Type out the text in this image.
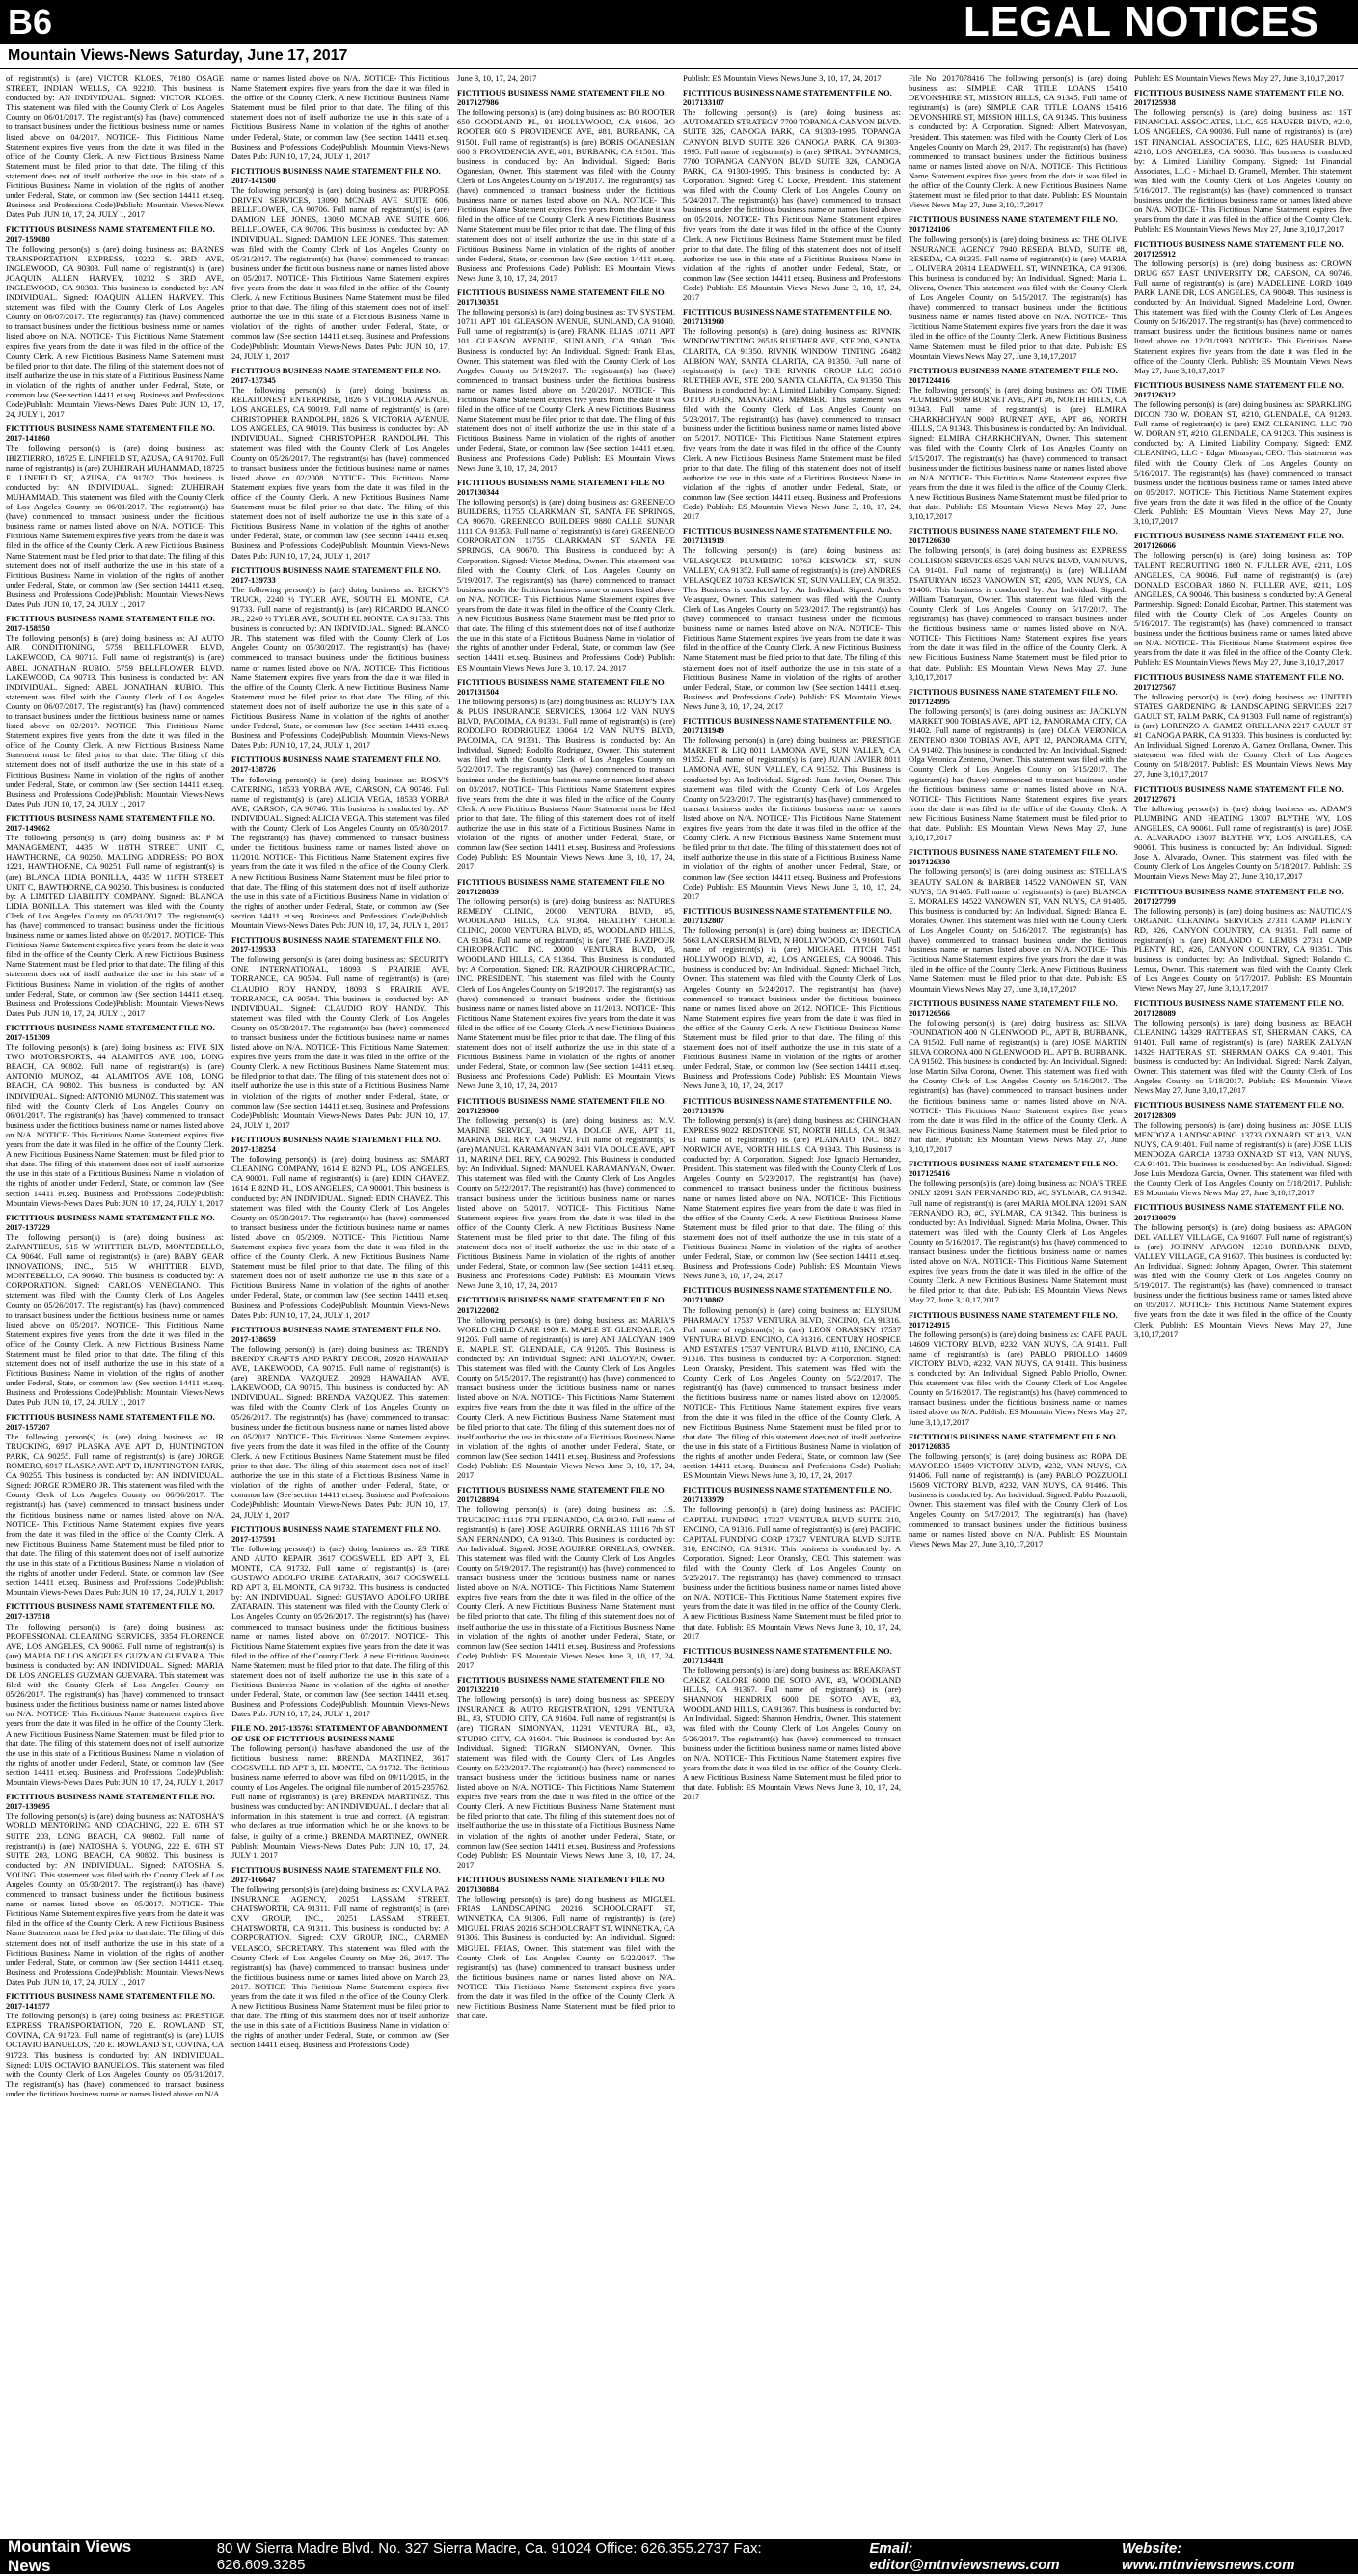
B6	LEGAL NOTICES
Mountain Views-News Saturday, June 17, 2017
of registrant(s) is (are) VICTOR KLOES, 76180 OSAGE STREET, INDIAN WELLS, CA 92210. This business is conducted by: AN INDIVIDUAL. Signed: VICTOR KLOES. This statement was filed with the County Clerk of Los Angeles County on 06/01/2017. The registrant(s) has (have) commenced to transact business under the fictitious business name or names listed above on 04/2017. NOTICE- This Fictitious Name Statement expires five years from the date it was filed in the office of the County Clerk. A new Fictitious Business Name Statement must be filed prior to that date. The filing of this statement does not of itself authorize the use in this state of a Fictitious Business Name in violation of the rights of another under Federal, State, or common law (See section 14411 et.seq. Business and Professions Code)Publish: Mountain Views-News Dates Pub: JUN 10, 17, 24, JULY 1, 2017
FICTITIOUS BUSINESS NAME STATEMENT FILE NO. 2017-159080
The following person(s) is (are) doing business as: BARNES TRANSPORTATION EXPRESS, 10232 S. 3RD AVE, INGLEWOOD, CA 90303. Full name of registrant(s) is (are) JOAQUIN ALLEN HARVEY, 10232 S 3RD AVE, INGLEWOOD, CA 90303. This business is conducted by: AN INDIVIDUAL. Signed: JOAQUIN ALLEN HARVEY. This statement was filed with the County Clerk of Los Angeles County on 06/07/2017. The registrant(s) has (have) commenced to transact business under the fictitious business name or names listed above on N/A. NOTICE- This Fictitious Name Statement expires five years from the date it was filed in the office of the County Clerk. A new Fictitious Business Name Statement must be filed prior to that date. The filing of this statement does not of itself authorize the use in this state of a Fictitious Business Name in violation of the rights of another under Federal, State, or common law (See section 14411 et.seq. Business and Professions Code)Publish: Mountain Views-News Dates Pub: JUN 10, 17, 24, JULY 1, 2017
FICTITIOUS BUSINESS NAME STATEMENT FILE NO. 2017-141860
The following person(s) is (are) doing business as: IBIZTIERRO, 18725 E. LINFIELD ST, AZUSA, CA 91702. Full name of registrant(s) is (are) ZUHEIRAH MUHAMMAD, 18725 E. LINFIELD ST, AZUSA, CA 91702. This business is conducted by: AN INDIVIDUAL. Signed: ZUHEIRAH MUHAMMAD. This statement was filed with the County Clerk of Los Angeles County on 06/01/2017. The registrant(s) has (have) commenced to transact business under the fictitious business name or names listed above on N/A. NOTICE- This Fictitious Name Statement expires five years from the date it was filed in the office of the County Clerk. A new Fictitious Business Name Statement must be filed prior to that date. The filing of this statement does not of itself authorize the use in this state of a Fictitious Business Name in violation of the rights of another under Federal, State, or common law (See section 14411 et.seq. Business and Professions Code)Publish: Mountain Views-News Dates Pub: JUN 10, 17, 24, JULY 1, 2017
FICTITIOUS BUSINESS NAME STATEMENT FILE NO. 2017-158550
The following person(s) is (are) doing business as: AJ AUTO AIR CONDITIONING, 5759 BELLFLOWER BLVD, LAKEWOOD, CA 90713. Full name of registrant(s) is (are) ABEL JONATHAN RUBIO, 5759 BELLFLOWER BLVD, LAKEWOOD, CA 90713. This business is conducted by: AN INDIVIDUAL. Signed: ABEL JONATHAN RUBIO. This statement was filed with the County Clerk of Los Angeles County on 06/07/2017. The registrant(s) has (have) commenced to transact business under the fictitious business name or names listed above on 02/2017. NOTICE- This Fictitious Name Statement expires five years from the date it was filed in the office of the County Clerk. A new Fictitious Business Name Statement must be filed prior to that date. The filing of this statement does not of itself authorize the use in this state of a Fictitious Business Name in violation of the rights of another under Federal, State, or common law (See section 14411 et.seq. Business and Professions Code)Publish: Mountain Views-News Dates Pub: JUN 10, 17, 24, JULY 1, 2017
FICTITIOUS BUSINESS NAME STATEMENT FILE NO. 2017-149062
The following person(s) is (are) doing business as: P M MANAGEMENT, 4435 W 118TH STREET UNIT C, HAWTHORNE, CA 90250. MAILING ADDRESS: PO BOX 1221, HAWTHORNE, CA 90251. Full name of registrant(s) is (are) BLANCA LIDIA BONILLA, 4435 W 118TH STREET UNIT C, HAWTHORNE, CA 90250. This business is conducted by: A LIMITED LIABILITY COMPANY. Signed: BLANCA LIDIA BONILLA. This statement was filed with the County Clerk of Los Angeles County on 05/31/2017. The registrant(s) has (have) commenced to transact business under the fictitious business name or names listed above on 05/2017. NOTICE- This Fictitious Name Statement expires five years from the date it was filed in the office of the County Clerk. A new Fictitious Business Name Statement must be filed prior to that date. The filing of this statement does not of itself authorize the use in this state of a Fictitious Business Name in violation of the rights of another under Federal, State, or common law (See section 14411 et.seq. Business and Professions Code)Publish: Mountain Views-News Dates Pub: JUN 10, 17, 24, JULY 1, 2017
FICTITIOUS BUSINESS NAME STATEMENT FILE NO. 2017-151309
The following person(s) is (are) doing business as: FIVE SIX TWO MOTORSPORTS, 44 ALAMITOS AVE 108, LONG BEACH, CA 90802. Full name of registrant(s) is (are) ANTONIO MUNOZ, 44 ALAMITOS AVE 108, LONG BEACH, CA 90802. This business is conducted by: AN INDIVIDUAL. Signed: ANTONIO MUNOZ. This statement was filed with the County Clerk of Los Angeles County on 06/01/2017. The registrant(s) has (have) commenced to transact business under the fictitious business name or names listed above on N/A. NOTICE- This Fictitious Name Statement expires five years from the date it was filed in the office of the County Clerk. A new Fictitious Business Name Statement must be filed prior to that date. The filing of this statement does not of itself authorize the use in this state of a Fictitious Business Name in violation of the rights of another under Federal, State, or common law (See section 14411 et.seq. Business and Professions Code)Publish: Mountain Views-News Dates Pub: JUN 10, 17, 24, JULY 1, 2017
FICTITIOUS BUSINESS NAME STATEMENT FILE NO. 2017-137229
The following person(s) is (are) doing business as: ZAPANTHEUS, 515 W WHITTIER BLVD, MONTEBELLO, CA 90640. Full name of registrant(s) is (are) BABY GEAR INNOVATIONS, INC., 515 W WHITTIER BLVD, MONTEBELLO, CA 90640. This business is conducted by: A CORPORATION. Signed: CARLOS VENEGIANO. This statement was filed with the County Clerk of Los Angeles County on 05/26/2017. The registrant(s) has (have) commenced to transact business under the fictitious business name or names listed above on 05/2017. NOTICE- This Fictitious Name Statement expires five years from the date it was filed in the office of the County Clerk. A new Fictitious Business Name Statement must be filed prior to that date. The filing of this statement does not of itself authorize the use in this state of a Fictitious Business Name in violation of the rights of another under Federal, State, or common law (See section 14411 et.seq. Business and Professions Code)Publish: Mountain Views-News Dates Pub: JUN 10, 17, 24, JULY 1, 2017
FICTITIOUS BUSINESS NAME STATEMENT FILE NO. 2017-157207
The following person(s) is (are) doing business as: JR TRUCKING, 6917 PLASKA AVE APT D, HUNTINGTON PARK, CA 90255. Full name of registrant(s) is (are) JORGE ROMERO, 6917 PLASKA AVE APT D, HUNTINGTON PARK, CA 90255. This business is conducted by: AN INDIVIDUAL. Signed: JORGE ROMERO JR. This statement was filed with the County Clerk of Los Angeles County on 06/06/2017. The registrant(s) has (have) commenced to transact business under the fictitious business name or names listed above on N/A. NOTICE- This Fictitious Name Statement expires five years from the date it was filed in the office of the County Clerk. A new Fictitious Business Name Statement must be filed prior to that date. The filing of this statement does not of itself authorize the use in this state of a Fictitious Business Name in violation of the rights of another under Federal, State, or common law (See section 14411 et.seq. Business and Professions Code)Publish: Mountain Views-News Dates Pub: JUN 10, 17, 24, JULY 1, 2017
FICTITIOUS BUSINESS NAME STATEMENT FILE NO. 2017-137518
The following person(s) is (are) doing business as: PROFESSIONAL CLEANING SERVICES, 3354 FLORENCE AVE, LOS ANGELES, CA 90063. Full name of registrant(s) is (are) MARIA DE LOS ANGELES GUZMAN GUEVARA. This business is conducted by: AN INDIVIDUAL. Signed: MARIA DE LOS ANGELES GUZMAN GUEVARA. This statement was filed with the County Clerk of Los Angeles County on 05/26/2017. The registrant(s) has (have) commenced to transact business under the fictitious business name or names listed above on N/A. NOTICE- This Fictitious Name Statement expires five years from the date it was filed in the office of the County Clerk. A new Fictitious Business Name Statement must be filed prior to that date. The filing of this statement does not of itself authorize the use in this state of a Fictitious Business Name in violation of the rights of another under Federal, State, or common law (See section 14411 et.seq. Business and Professions Code)Publish: Mountain Views-News Dates Pub: JUN 10, 17, 24, JULY 1, 2017
FICTITIOUS BUSINESS NAME STATEMENT FILE NO. 2017-139695
The following person(s) is (are) doing business as: NATOSHA'S WORLD MENTORING AND COACHING, 222 E. 6TH ST SUITE 203, LONG BEACH, CA 90802. Full name of registrant(s) is (are) NATOSHA S. YOUNG, 222 E. 6TH ST SUITE 203, LONG BEACH, CA 90802. This business is conducted by: AN INDIVIDUAL. Signed: NATOSHA S. YOUNG. This statement was filed with the County Clerk of Los Angeles County on 05/30/2017. The registrant(s) has (have) commenced to transact business under the fictitious business name or names listed above on 05/2017. NOTICE- This Fictitious Name Statement expires five years from the date it was filed in the office of the County Clerk. A new Fictitious Business Name Statement must be filed prior to that date. The filing of this statement does not of itself authorize the use in this state of a Fictitious Business Name in violation of the rights of another under Federal, State, or common law (See section 14411 et.seq. Business and Professions Code)Publish: Mountain Views-News Dates Pub: JUN 10, 17, 24, JULY 1, 2017
FICTITIOUS BUSINESS NAME STATEMENT FILE NO. 2017-141577
The following person(s) is (are) doing business as: PRESTIGE EXPRESS TRANSPORTATION, 720 E. ROWLAND ST, COVINA, CA 91723. Full name of registrant(s) is (are) LUIS OCTAVIO BANUELOS, 720 E. ROWLAND ST, COVINA, CA 91723. This business is conducted by: AN INDIVIDUAL. Signed: LUIS OCTAVIO BANUELOS. This statement was filed with the County Clerk of Los Angeles County on 05/31/2017. The registrant(s) has (have) commenced to transact business under the fictitious business name or names listed above on N/A.
name or names listed above on N/A. NOTICE- This Fictitious Name Statement expires five years from the date it was filed in the office of the County Clerk. A new Fictitious Business Name Statement must be filed prior to that date. The filing of this statement does not of itself authorize the use in this state of a Fictitious Business Name in violation of the rights of another under Federal, State, or common law (See section 14411 et.seq. Business and Professions Code)Publish: Mountain Views-News Dates Pub: JUN 10, 17, 24, JULY 1, 2017
FICTITIOUS BUSINESS NAME STATEMENT FILE NO. 2017-141500
The following person(s) is (are) doing business as: PURPOSE DRIVEN SERVICES, 13090 MCNAB AVE SUITE 606, BELLFLOWER, CA 90706. Full name of registrant(s) is (are) DAMION LEE JONES, 13090 MCNAB AVE SUITE 606, BELLFLOWER, CA 90706. This business is conducted by: AN INDIVIDUAL. Signed: DAMION LEE JONES. This statement was filed with the County Clerk of Los Angeles County on 05/31/2017. The registrant(s) has (have) commenced to transact business under the fictitious business name or names listed above on 05/2017. NOTICE- This Fictitious Name Statement expires five years from the date it was filed in the office of the County Clerk. A new Fictitious Business Name Statement must be filed prior to that date. The filing of this statement does not of itself authorize the use in this state of a Fictitious Business Name in violation of the rights of another under Federal, State, or common law (See section 14411 et.seq. Business and Professions Code)Publish: Mountain Views-News Dates Pub: JUN 10, 17, 24, JULY 1, 2017
FICTITIOUS BUSINESS NAME STATEMENT FILE NO. 2017-137345
The following person(s) is (are) doing business as: RELATIONEST ENTERPRISE, 1826 S VICTORIA AVENUE, LOS ANGELES, CA 90019. Full name of registrant(s) is (are) CHRISTOPHER RANDOLPH, 1826 S. VICTORIA AVENUE, LOS ANGELES, CA 90019. This business is conducted by: AN INDIVIDUAL. Signed: CHRISTOPHER RANDOLPH. This statement was filed with the County Clerk of Los Angeles County on 05/26/2017. The registrant(s) has (have) commenced to transact business under the fictitious business name or names listed above on 02/2008. NOTICE- This Fictitious Name Statement expires five years from the date it was filed in the office of the County Clerk. A new Fictitious Business Name Statement must be filed prior to that date. The filing of this statement does not of itself authorize the use in this state of a Fictitious Business Name in violation of the rights of another under Federal, State, or common law (See section 14411 et.seq. Business and Professions Code)Publish: Mountain Views-News Dates Pub: JUN 10, 17, 24, JULY 1, 2017
FICTITIOUS BUSINESS NAME STATEMENT FILE NO. 2017-139733
The following person(s) is (are) doing business as: RICKY'S TRUCK, 2240 ½ TYLER AVE, SOUTH EL MONTE, CA 91733. Full name of registrant(s) is (are) RICARDO BLANCO JR., 2240 ½ TYLER AVE, SOUTH EL MONTE, CA 91733. This business is conducted by: AN INDIVIDUAL. Signed: BLANCO JR. This statement was filed with the County Clerk of Los Angeles County on 05/30/2017. The registrant(s) has (have) commenced to transact business under the fictitious business name or names listed above on N/A. NOTICE- This Fictitious Name Statement expires five years from the date it was filed in the office of the County Clerk. A new Fictitious Business Name Statement must be filed prior to that date. The filing of this statement does not of itself authorize the use in this state of a Fictitious Business Name in violation of the rights of another under Federal, State, or common law (See section 14411 et.seq. Business and Professions Code)Publish: Mountain Views-News Dates Pub: JUN 10, 17, 24, JULY 1, 2017
FICTITIOUS BUSINESS NAME STATEMENT FILE NO. 2017-138726
The following person(s) is (are) doing business as: ROSY'S CATERING, 18533 YORBA AVE, CARSON, CA 90746. Full name of registrant(s) is (are) ALICIA VEGA, 18533 YORBA AVE, CARSON, CA 90746. This business is conducted by: AN INDIVIDUAL. Signed: ALICIA VEGA. This statement was filed with the County Clerk of Los Angeles County on 05/30/2017. The registrant(s) has (have) commenced to transact business under the fictitious business name or names listed above on 11/2010. NOTICE- This Fictitious Name Statement expires five years from the date it was filed in the office of the County Clerk. A new Fictitious Business Name Statement must be filed prior to that date. The filing of this statement does not of itself authorize the use in this state of a Fictitious Business Name in violation of the rights of another under Federal, State, or common law (See section 14411 et.seq. Business and Professions Code)Publish: Mountain Views-News Dates Pub: JUN 10, 17, 24, JULY 1, 2017
FICTITIOUS BUSINESS NAME STATEMENT FILE NO. 2017-139533
The following person(s) is (are) doing business as: SECURITY ONE INTERNATIONAL, 18093 S PRAIRIE AVE, TORRANCE, CA 90504. Full name of registrant(s) is (are) CLAUDIO ROY HANDY, 18093 S PRAIRIE AVE, TORRANCE, CA 90504. This business is conducted by: AN INDIVIDUAL. Signed: CLAUDIO ROY HANDY. This statement was filed with the County Clerk of Los Angeles County on 05/30/2017. The registrant(s) has (have) commenced to transact business under the fictitious business name or names listed above on N/A. NOTICE- This Fictitious Name Statement expires five years from the date it was filed in the office of the County Clerk. A new Fictitious Business Name Statement must be filed prior to that date. The filing of this statement does not of itself authorize the use in this state of a Fictitious Business Name in violation of the rights of another under Federal, State, or common law (See section 14411 et.seq. Business and Professions Code)Publish: Mountain Views-News Dates Pub: JUN 10, 17, 24, JULY 1, 2017
FICTITIOUS BUSINESS NAME STATEMENT FILE NO. 2017-138254
The following person(s) is (are) doing business as: SMART CLEANING COMPANY, 1614 E 82ND PL, LOS ANGELES, CA 90001. Full name of registrant(s) is (are) EDIN CHAVEZ, 1614 E 82ND PL, LOS ANGELES, CA 90001. This business is conducted by: AN INDIVIDUAL. Signed: EDIN CHAVEZ. This statement was filed with the County Clerk of Los Angeles County on 05/30/2017. The registrant(s) has (have) commenced to transact business under the fictitious business name or names listed above on 05/2009. NOTICE- This Fictitious Name Statement expires five years from the date it was filed in the office of the County Clerk. A new Fictitious Business Name Statement must be filed prior to that date. The filing of this statement does not of itself authorize the use in this state of a Fictitious Business Name in violation of the rights of another under Federal, State, or common law (See section 14411 et.seq. Business and Professions Code)Publish: Mountain Views-News Dates Pub: JUN 10, 17, 24, JULY 1, 2017
FICTITIOUS BUSINESS NAME STATEMENT FILE NO. 2017-138659
The following person(s) is (are) doing business as: TRENDY BRENDY CRAFTS AND PARTY DECOR, 20928 HAWAIIAN AVE, LAKEWOOD, CA 90715. Full name of registrant(s) is (are) BRENDA VAZQUEZ, 20928 HAWAIIAN AVE, LAKEWOOD, CA 90715. This business is conducted by: AN INDIVIDUAL. Signed: BRENDA VAZQUEZ. This statement was filed with the County Clerk of Los Angeles County on 05/26/2017. The registrant(s) has (have) commenced to transact business under the fictitious business name or names listed above on 05/2017. NOTICE- This Fictitious Name Statement expires five years from the date it was filed in the office of the County Clerk. A new Fictitious Business Name Statement must be filed prior to that date. The filing of this statement does not of itself authorize the use in this state of a Fictitious Business Name in violation of the rights of another under Federal, State, or common law (See section 14411 et.seq. Business and Professions Code)Publish: Mountain Views-News Dates Pub: JUN 10, 17, 24, JULY 1, 2017
FICTITIOUS BUSINESS NAME STATEMENT FILE NO. 2017-137591
The following person(s) is (are) doing business as: ZS TIRE AND AUTO REPAIR, 3617 COGSWELL RD APT 3, EL MONTE, CA 91732. Full name of registrant(s) is (are) GUSTAVO ADOLFO URIBE ZATARAIN, 3617 COGSWELL RD APT 3, EL MONTE, CA 91732. This business is conducted by: AN INDIVIDUAL. Signed: GUSTAVO ADOLFO URIBE ZATARAIN. This statement was filed with the County Clerk of Los Angeles County on 05/26/2017. The registrant(s) has (have) commenced to transact business under the fictitious business name or names listed above on 07/2017. NOTICE- This Fictitious Name Statement expires five years from the date it was filed in the office of the County Clerk. A new Fictitious Business Name Statement must be filed prior to that date. The filing of this statement does not of itself authorize the use in this state of a Fictitious Business Name in violation of the rights of another under Federal, State, or common law (See section 14411 et.seq. Business and Professions Code)Publish: Mountain Views-News Dates Pub: JUN 10, 17, 24, JULY 1, 2017
FILE NO. 2017-135761 STATEMENT OF ABANDONMENT OF USE OF FICTITIOUS BUSINESS NAME
The following person(s) has/have abandoned the use of the fictitious business name: BRENDA MARTINEZ, 3617 COGSWELL RD APT 3, EL MONTE, CA 91732. The fictitious business name referred to above was filed on 09/11/2015, in the county of Los Angeles. The original file number of 2015-235762. Full name of registrant(s) is (are) BRENDA MARTINEZ. This business was conducted by: AN INDIVIDUAL. I declare that all information in this statement is true and correct. (A registrant who declares as true information which he or she knows to be false, is guilty of a crime.) BRENDA MARTINEZ, OWNER. Publish: Mountain Views-News Dates Pub: JUN 10, 17, 24, JULY 1, 2017
FICTITIOUS BUSINESS NAME STATEMENT FILE NO. 2017-106647
The following person(s) is (are) doing business as: CXV LA PAZ INSURANCE AGENCY, 20251 LASSAM STREET, CHATSWORTH, CA 91311. Full name of registrant(s) is (are) CXV GROUP, INC., 20251 LASSAM STREET, CHATSWORTH, CA 91311. This business is conducted by: A CORPORATION. Signed: CXV GROUP, INC., CARMEN VELASCO, SECRETARY. This statement was filed with the County Clerk of Los Angeles County on May 26, 2017. The registrant(s) has (have) commenced to transact business under the fictitious business name or names listed above on March 23, 2017. NOTICE- This Fictitious Name Statement expires five years from the date it was filed in the office of the County Clerk. A new Fictitious Business Name Statement must be filed prior to that date. The filing of this statement does not of itself authorize the use in this state of a Fictitious Business Name in violation of the rights of another under Federal, State, or common law (See section 14411 et.seq. Business and Professions Code)
June 3, 10, 17, 24, 2017
FICTITIOUS BUSINESS NAME STATEMENT FILE NO. 2017127986
The following person(s) is (are) doing business as: BO ROOTER 650 GOODLAND PL, 91 HOLLYWOOD, CA 91606. BO ROOTER 600 S PROVIDENCE AVE, #81, BURBANK, CA 91501. Full name of registrant(s) is (are) BORIS OGANESIAN 600 S PROVIDENCIA AVE, #81, BURBANK, CA 91501. This business is conducted by: An Individual. Signed: Boris Oganesian, Owner. This statement was filed with the County Clerk of Los Angeles County on 5/19/2017. The registrant(s) has (have) commenced to transact business under the fictitious business name or names listed above on N/A. NOTICE- This Fictitious Name Statement expires five years from the date it was filed in the office of the County Clerk. A new Fictitious Business Name Statement must be filed prior to that date. The filing of this statement does not of itself authorize the use in this state of a Fictitious Business Name in violation of the rights of another under Federal, State, or common law (See section 14411 et.seq. Business and Professions Code) Publish: ES Mountain Views News June 3, 10, 17, 24, 2017
FICTITIOUS BUSINESS NAME STATEMENT FILE NO. 2017130351
The following person(s) is (are) doing business as: TV SYSTEM, 10711 APT 101 GLEASON AVENUE, SUNLAND, CA 91040. Full name of registrant(s) is (are) FRANK ELIAS 10711 APT 101 GLEASON AVENUE, SUNLAND, CA 91040. This Business is conducted by: An Individual. Signed: Frank Elias, Owner. This statement was filed with the County Clerk of Los Angeles County on 5/19/2017. The registrant(s) has (have) commenced to transact business under the fictitious business name or names listed above on 5/20/2017. NOTICE- This Fictitious Name Statement expires five years from the date it was filed in the office of the County Clerk. A new Fictitious Business Name Statement must be filed prior to that date. The filing of this statement does not of itself authorize the use in this state of a Fictitious Business Name in violation of the rights of another under Federal, State, or common law (See section 14411 et.seq. Business and Professions Code) Publish: ES Mountain Views News June 3, 10, 17, 24, 2017
FICTITIOUS BUSINESS NAME STATEMENT FILE NO. 2017130344
The following person(s) is (are) doing business as: GREENECO BUILDERS, 11755 CLARKMAN ST, SANTA FE SPRINGS, CA 90670. GREENECO BUILDERS 9880 CALLE SUNAR 1111 CA 91353. Full name of registrant(s) is (are) GREENECO CORPORATION 11755 CLARKMAN ST SANTA FE SPRINGS, CA 90670. This Business is conducted by: A Corporation. Signed: Victor Medina, Owner. This statement was filed with the County Clerk of Los Angeles County on 5/19/2017. The registrant(s) has (have) commenced to transact business under the fictitious business name or names listed above on N/A. NOTICE- This Fictitious Name Statement expires five years from the date it was filed in the office of the County Clerk. A new Fictitious Business Name Statement must be filed prior to that date. The filing of this statement does not of itself authorize the use in this state of a Fictitious Business Name in violation of the rights of another under Federal, State, or common law (See section 14411 et.seq. Business and Professions Code) Publish: ES Mountain Views News June 3, 10, 17, 24, 2017
FICTITIOUS BUSINESS NAME STATEMENT FILE NO. 2017131504
The following person(s) is (are) doing business as: RUDY'S TAX & PLUS INSURANCE SERVICES, 13064 1/2 VAN NUYS BLVD, PACOIMA, CA 91331. Full name of registrant(s) is (are) RODOLFO RODRIGUEZ 13064 1/2 VAN NUYS BLVD, PACOIMA, CA 91331. This Business is conducted by: An Individual. Signed: Rodolfo Rodriguez, Owner. This statement was filed with the County Clerk of Los Angeles County on 5/22/2017. The registrant(s) has (have) commenced to transact business under the fictitious business name or names listed above on 03/2017. NOTICE- This Fictitious Name Statement expires five years from the date it was filed in the office of the County Clerk. A new Fictitious Business Name Statement must be filed prior to that date. The filing of this statement does not of itself authorize the use in this state of a Fictitious Business Name in violation of the rights of another under Federal, State, or common law (See section 14411 et.seq. Business and Professions Code) Publish: ES Mountain Views News June 3, 10, 17, 24, 2017
FICTITIOUS BUSINESS NAME STATEMENT FILE NO. 2017128839
The following person(s) is (are) doing business as: NATURES REMEDY CLINIC, 20000 VENTURA BLVD, #5, WOODLAND HILLS, CA 91364. HEALTHY CHOICE CLINIC, 20000 VENTURA BLVD, #5, WOODLAND HILLS, CA 91364. Full name of registrant(s) is (are) THE RAZIPOUR CHIROPRACTIC INC. 20000 VENTURA BLVD, #5, WOODLAND HILLS, CA 91364. This Business is conducted by: A Corporation. Signed: DR. RAZIPOUR CHIROPRACTIC, INC. PRESIDENT. This statement was filed with the County Clerk of Los Angeles County on 5/19/2017. The registrant(s) has (have) commenced to transact business under the fictitious business name or names listed above on 11/2013. NOTICE- This Fictitious Name Statement expires five years from the date it was filed in the office of the County Clerk. A new Fictitious Business Name Statement must be filed prior to that date. The filing of this statement does not of itself authorize the use in this state of a Fictitious Business Name in violation of the rights of another under Federal, State, or common law (See section 14411 et.seq. Business and Professions Code) Publish: ES Mountain Views News June 3, 10, 17, 24, 2017
FICTITIOUS BUSINESS NAME STATEMENT FILE NO. 2017129980
The following person(s) is (are) doing business as: M.V. MARINE SERVICE, 3401 VIA DOLCE AVE, APT 11, MARINA DEL REY, CA 90292. Full name of registrant(s) is (are) MANUEL KARAMANYAN 3401 VIA DOLCE AVE, APT 11, MARINA DEL REY, CA 90292. This Business is conducted by: An Individual. Signed: MANUEL KARAMANYAN, Owner. This statement was filed with the County Clerk of Los Angeles County on 5/22/2017. The registrant(s) has (have) commenced to transact business under the fictitious business name or names listed above on 5/2017. NOTICE- This Fictitious Name Statement expires five years from the date it was filed in the office of the County Clerk. A new Fictitious Business Name Statement must be filed prior to that date. The filing of this statement does not of itself authorize the use in this state of a Fictitious Business Name in violation of the rights of another under Federal, State, or common law (See section 14411 et.seq. Business and Professions Code) Publish: ES Mountain Views News June 3, 10, 17, 24, 2017
FICTITIOUS BUSINESS NAME STATEMENT FILE NO. 2017122082
The following person(s) is (are) doing business as: MARIA'S WORLD CHILD CARE 1909 E. MAPLE ST. GLENDALE, CA 91205. Full name of registrant(s) is (are) ANI JALOYAN 1909 E. MAPLE ST. GLENDALE, CA 91205. This Business is conducted by: An Individual. Signed: ANI JALOYAN, Owner. This statement was filed with the County Clerk of Los Angeles County on 5/15/2017. The registrant(s) has (have) commenced to transact business under the fictitious business name or names listed above on N/A. NOTICE- This Fictitious Name Statement expires five years from the date it was filed in the office of the County Clerk. A new Fictitious Business Name Statement must be filed prior to that date. The filing of this statement does not of itself authorize the use in this state of a Fictitious Business Name in violation of the rights of another under Federal, State, or common law (See section 14411 et.seq. Business and Professions Code) Publish: ES Mountain Views News June 3, 10, 17, 24, 2017
FICTITIOUS BUSINESS NAME STATEMENT FILE NO. 2017128894
The following person(s) is (are) doing business as: J.S. TRUCKING 11116 7TH FERNANDO, CA 91340. Full name of registrant(s) is (are) JOSE AGUIRRE ORNELAS 11116 7th ST SAN FERNANDO, CA 91340. This Business is conducted by: An Individual. Signed: JOSE AGUIRRE ORNELAS, OWNER. This statement was filed with the County Clerk of Los Angeles County on 5/19/2017. The registrant(s) has (have) commenced to transact business under the fictitious business name or names listed above on N/A. NOTICE- This Fictitious Name Statement expires five years from the date it was filed in the office of the County Clerk. A new Fictitious Business Name Statement must be filed prior to that date. The filing of this statement does not of itself authorize the use in this state of a Fictitious Business Name in violation of the rights of another under Federal, State, or common law (See section 14411 et.seq. Business and Professions Code) Publish: ES Mountain Views News June 3, 10, 17, 24, 2017
FICTITIOUS BUSINESS NAME STATEMENT FILE NO. 2017132210
The following person(s) is (are) doing business as: SPEEDY INSURANCE & AUTO REGISTRATION, 1291 VENTURA BL, #3, STUDIO CITY, CA 91604. Full name of registrant(s) is (are) TIGRAN SIMONYAN, 11291 VENTURA BL, #3, STUDIO CITY, CA 91604. This Business is conducted by: An Individual. Signed: TIGRAN SIMONYAN, Owner. This statement was filed with the County Clerk of Los Angeles County on 5/23/2017. The registrant(s) has (have) commenced to transact business under the fictitious business name or names listed above on N/A. NOTICE- This Fictitious Name Statement expires five years from the date it was filed in the office of the County Clerk. A new Fictitious Business Name Statement must be filed prior to that date. The filing of this statement does not of itself authorize the use in this state of a Fictitious Business Name in violation of the rights of another under Federal, State, or common law (See section 14411 et.seq. Business and Professions Code) Publish: ES Mountain Views News June 3, 10, 17, 24, 2017
FICTITIOUS BUSINESS NAME STATEMENT FILE NO. 2017130884
The following person(s) is (are) doing business as: MIGUEL FRIAS LANDSCAPING 20216 SCHOOLCRAFT ST, WINNETKA, CA 91306. Full name of registrant(s) is (are) MIGUEL FRIAS 20216 SCHOOLCRAFT ST, WINNETKA, CA 91306. This Business is conducted by: An Individual. Signed: MIGUEL FRIAS, Owner. This statement was filed with the County Clerk of Los Angeles County on 5/22/2017. The registrant(s) has (have) commenced to transact business under the fictitious business name or names listed above on N/A. NOTICE- This Fictitious Name Statement expires five years from the date it was filed in the office of the County Clerk. A new Fictitious Business Name Statement must be filed prior to that date.
Publish: ES Mountain Views News June 3, 10, 17, 24, 2017
FICTITIOUS BUSINESS NAME STATEMENT FILE NO. 2017133107
The following person(s) is (are) doing business as: AUTOMATED STRATEGY 7700 TOPANGA CANYON BLVD. SUITE 326, CANOGA PARK, CA 91303-1995. TOPANGA CANYON BLVD SUITE 326 CANOGA PARK, CA 91303-1995. Full name of registrant(s) is (are) SPIRAL DYNAMICS, 7700 TOPANGA CANYON BLVD SUITE 326, CANOGA PARK, CA 91303-1995. This business is conducted by: A Corporation. Signed: Greg C Locke, President. This statement was filed with the County Clerk of Los Angeles County on 5/24/2017. The registrant(s) has (have) commenced to transact business under the fictitious business name or names listed above on 05/2016. NOTICE- This Fictitious Name Statement expires five years from the date it was filed in the office of the County Clerk. A new Fictitious Business Name Statement must be filed prior to that date. The filing of this statement does not of itself authorize the use in this state of a Fictitious Business Name in violation of the rights of another under Federal, State, or common law (See section 14411 et.seq. Business and Professions Code) Publish: ES Mountain Views News June 3, 10, 17, 24, 2017
FICTITIOUS BUSINESS NAME STATEMENT FILE NO. 2017131960
The following person(s) is (are) doing business as: RIVNIK WINDOW TINTING 26516 RUETHER AVE, STE 200, SANTA CLARITA, CA 91350. RIVNIK WINDOW TINTING 26482 ALBION WAY, SANTA CLARITA, CA 91350. Full name of registrant(s) is (are) THE RIVNIK GROUP LLC 26516 RUETHER AVE, STE 200, SANTA CLARITA, CA 91350. This Business is conducted by: A Limited Liability Company. Signed: OTTO JOHN, MANAGING MEMBER. This statement was filed with the County Clerk of Los Angeles County on 5/23/2017. The registrant(s) has (have) commenced to transact business under the fictitious business name or names listed above on 5/2017. NOTICE- This Fictitious Name Statement expires five years from the date it was filed in the office of the County Clerk. A new Fictitious Business Name Statement must be filed prior to that date. The filing of this statement does not of itself authorize the use in this state of a Fictitious Business Name in violation of the rights of another under Federal, State, or common law (See section 14411 et.seq. Business and Professions Code) Publish: ES Mountain Views News June 3, 10, 17, 24, 2017
FICTITIOUS BUSINESS NAME STATEMENT FILE NO. 2017131919
The following person(s) is (are) doing business as: VELASQUEZ PLUMBING 10763 KESWICK ST, SUN VALLEY, CA 91352. Full name of registrant(s) is (are) ANDRES VELASQUEZ 10763 KESWICK ST, SUN VALLEY, CA 91352. This Business is conducted by: An Individual. Signed: Andres Velasquez, Owner. This statement was filed with the County Clerk of Los Angeles County on 5/23/2017. The registrant(s) has (have) commenced to transact business under the fictitious business name or names listed above on N/A. NOTICE- This Fictitious Name Statement expires five years from the date it was filed in the office of the County Clerk. A new Fictitious Business Name Statement must be filed prior to that date. The filing of this statement does not of itself authorize the use in this state of a Fictitious Business Name in violation of the rights of another under Federal, State, or common law (See section 14411 et.seq. Business and Professions Code) Publish: ES Mountain Views News June 3, 10, 17, 24, 2017
FICTITIOUS BUSINESS NAME STATEMENT FILE NO. 2017131949
The following person(s) is (are) doing business as: PRESTIGE MARKET & LIQ 8011 LAMONA AVE, SUN VALLEY, CA 91352. Full name of registrant(s) is (are) JUAN JAVIER 8011 LAMONA AVE, SUN VALLEY, CA 91352. This Business is conducted by: An Individual. Signed: Juan Javier, Owner. This statement was filed with the County Clerk of Los Angeles County on 5/23/2017. The registrant(s) has (have) commenced to transact business under the fictitious business name or names listed above on N/A. NOTICE- This Fictitious Name Statement expires five years from the date it was filed in the office of the County Clerk. A new Fictitious Business Name Statement must be filed prior to that date. The filing of this statement does not of itself authorize the use in this state of a Fictitious Business Name in violation of the rights of another under Federal, State, or common law (See section 14411 et.seq. Business and Professions Code) Publish: ES Mountain Views News June 3, 10, 17, 24, 2017
FICTITIOUS BUSINESS NAME STATEMENT FILE NO. 2017132807
The following person(s) is (are) doing business as: IDECTICA 5663 LANKERSHIM BLVD, N HOLLYWOOD, CA 91601. Full name of registrant(s) is (are) MICHAEL FITCH 7451 HOLLYWOOD BLVD, #2, LOS ANGELES, CA 90046. This business is conducted by: An Individual. Signed: Michael Fitch, Owner. This statement was filed with the County Clerk of Los Angeles County on 5/24/2017. The registrant(s) has (have) commenced to transact business under the fictitious business name or names listed above on 2012. NOTICE- This Fictitious Name Statement expires five years from the date it was filed in the office of the County Clerk. A new Fictitious Business Name Statement must be filed prior to that date. The filing of this statement does not of itself authorize the use in this state of a Fictitious Business Name in violation of the rights of another under Federal, State, or common law (See section 14411 et.seq. Business and Professions Code) Publish: ES Mountain Views News June 3, 10, 17, 24, 2017
FICTITIOUS BUSINESS NAME STATEMENT FILE NO. 2017131976
The following person(s) is (are) doing business as: CHINCHAN EXPRESS 9022 REDSTONE ST, NORTH HILLS, CA 91343. Full name of registrant(s) is (are) PLAINATO, INC. 8827 NORWICH AVE, NORTH HILLS, CA 91343. This Business is conducted by: A Corporation. Signed: Jose Ignacio Hernandez, President. This statement was filed with the County Clerk of Los Angeles County on 5/23/2017. The registrant(s) has (have) commenced to transact business under the fictitious business name or names listed above on N/A. NOTICE- This Fictitious Name Statement expires five years from the date it was filed in the office of the County Clerk. A new Fictitious Business Name Statement must be filed prior to that date. The filing of this statement does not of itself authorize the use in this state of a Fictitious Business Name in violation of the rights of another under Federal, State, or common law (See section 14411 et.seq. Business and Professions Code) Publish: ES Mountain Views News June 3, 10, 17, 24, 2017
FICTITIOUS BUSINESS NAME STATEMENT FILE NO. 2017130862
The following person(s) is (are) doing business as: ELYSIUM PHARMACY 17537 VENTURA BLVD, ENCINO, CA 91316. Full name of registrant(s) is (are) LEON ORANSKY 17537 VENTURA BLVD, ENCINO, CA 91316. CENTURY HOSPICE AND ESTATES 17537 VENTURA BLVD, #110, ENCINO, CA 91316. This business is conducted by: A Corporation. Signed: Leon Oransky, President. This statement was filed with the County Clerk of Los Angeles County on 5/22/2017. The registrant(s) has (have) commenced to transact business under the fictitious business name or names listed above on 12/2005. NOTICE- This Fictitious Name Statement expires five years from the date it was filed in the office of the County Clerk. A new Fictitious Business Name Statement must be filed prior to that date. The filing of this statement does not of itself authorize the use in this state of a Fictitious Business Name in violation of the rights of another under Federal, State, or common law (See section 14411 et.seq. Business and Professions Code) Publish: ES Mountain Views News June 3, 10, 17, 24, 2017
FICTITIOUS BUSINESS NAME STATEMENT FILE NO. 2017133979
The following person(s) is (are) doing business as: PACIFIC CAPITAL FUNDING 17327 VENTURA BLVD SUITE 310, ENCINO, CA 91316. Full name of registrant(s) is (are) PACIFIC CAPITAL FUNDING CORP 17327 VENTURA BLVD SUITE 310, ENCINO, CA 91316. This business is conducted by: A Corporation. Signed: Leon Oransky, CEO. This statement was filed with the County Clerk of Los Angeles County on 5/25/2017. The registrant(s) has (have) commenced to transact business under the fictitious business name or names listed above on N/A. NOTICE- This Fictitious Name Statement expires five years from the date it was filed in the office of the County Clerk. A new Fictitious Business Name Statement must be filed prior to that date. Publish: ES Mountain Views News June 3, 10, 17, 24, 2017
FICTITIOUS BUSINESS NAME STATEMENT FILE NO. 2017134431
The following person(s) is (are) doing business as: BREAKFAST CAKEZ GALORE 6000 DE SOTO AVE, #3, WOODLAND HILLS, CA 91367. Full name of registrant(s) is (are) SHANNON HENDRIX 6000 DE SOTO AVE, #3, WOODLAND HILLS, CA 91367. This business is conducted by: An Individual. Signed: Shannon Hendrix, Owner. This statement was filed with the County Clerk of Los Angeles County on 5/26/2017. The registrant(s) has (have) commenced to transact business under the fictitious business name or names listed above on N/A. NOTICE- This Fictitious Name Statement expires five years from the date it was filed in the office of the County Clerk. A new Fictitious Business Name Statement must be filed prior to that date. Publish: ES Mountain Views News June 3, 10, 17, 24, 2017
File No. 2017078416 The following person(s) is (are) doing business as: SIMPLE CAR TITLE LOANS 15410 DEVONSHIRE ST, MISSION HILLS, CA 91345. Full name of registrant(s) is (are) SIMPLE CAR TITLE LOANS 15416 DEVONSHIRE ST, MISSION HILLS, CA 91345. This business is conducted by: A Corporation. Signed: Albert Matevosyan, President. This statement was filed with the County Clerk of Los Angeles County on March 29, 2017. The registrant(s) has (have) commenced to transact business under the fictitious business name or names listed above on N/A. NOTICE- This Fictitious Name Statement expires five years from the date it was filed in the office of the County Clerk. A new Fictitious Business Name Statement must be filed prior to that date. Publish: ES Mountain Views News May 27, June 3,10,17,2017
FICTITIOUS BUSINESS NAME STATEMENT FILE NO. 2017124106
The following person(s) is (are) doing business as: THE OLIVE INSURANCE AGENCY 7940 RESEDA BLVD, SUITE #8, RESEDA, CA 91335. Full name of registrant(s) is (are) MARIA L OLIVERA 20314 LEADWELL ST, WINNETKA, CA 91306. This business is conducted by: An Individual. Signed: Maria L. Olivera, Owner. This statement was filed with the County Clerk of Los Angeles County on 5/15/2017. The registrant(s) has (have) commenced to transact business under the fictitious business name or names listed above on N/A. NOTICE- This Fictitious Name Statement expires five years from the date it was filed in the office of the County Clerk. A new Fictitious Business Name Statement must be filed prior to that date. Publish: ES Mountain Views News May 27, June 3,10,17,2017
FICTITIOUS BUSINESS NAME STATEMENT FILE NO. 2017124416
The following person(s) is (are) doing business as: ON TIME PLUMBING 9009 BURNET AVE, APT #6, NORTH HILLS, CA 91343. Full name of registrant(s) is (are) ELMIRA CHARKHCHYAN 9009 BURNET AVE, APT #6, NORTH HILLS, CA 91343. This business is conducted by: An Individual. Signed: ELMIRA CHARKHCHYAN, Owner. This statement was filed with the County Clerk of Los Angeles County on 5/15/2017. The registrant(s) has (have) commenced to transact business under the fictitious business name or names listed above on N/A. NOTICE- This Fictitious Name Statement expires five years from the date it was filed in the office of the County Clerk. A new Fictitious Business Name Statement must be filed prior to that date. Publish: ES Mountain Views News May 27, June 3,10,17,2017
FICTITIOUS BUSINESS NAME STATEMENT FILE NO. 2017126630
The following person(s) is (are) doing business as: EXPRESS COLLISION SERVICES 6525 VAN NUYS BLVD, VAN NUYS, CA 91401. Full name of registrant(s) is (are) WILLIAM TSATURYAN 16523 VANOWEN ST, #205, VAN NUYS, CA 91406. This business is conducted by: An Individual. Signed: William Tsaturyan, Owner. This statement was filed with the County Clerk of Los Angeles County on 5/17/2017. The registrant(s) has (have) commenced to transact business under the fictitious business name or names listed above on N/A. NOTICE- This Fictitious Name Statement expires five years from the date it was filed in the office of the County Clerk. A new Fictitious Business Name Statement must be filed prior to that date. Publish: ES Mountain Views News May 27, June 3,10,17,2017
FICTITIOUS BUSINESS NAME STATEMENT FILE NO. 2017124995
The following person(s) is (are) doing business as: JACKLYN MARKET 900 TOBIAS AVE, APT 12, PANORAMA CITY, CA 91402. Full name of registrant(s) is (are) OLGA VERONICA ZENTENO 8300 TOBIAS AVE, APT 12, PANORAMA CITY, CA 91402. This business is conducted by: An Individual. Signed: Olga Veronica Zenteno, Owner. This statement was filed with the County Clerk of Los Angeles County on 5/15/2017. The registrant(s) has (have) commenced to transact business under the fictitious business name or names listed above on N/A. NOTICE- This Fictitious Name Statement expires five years from the date it was filed in the office of the County Clerk. A new Fictitious Business Name Statement must be filed prior to that date. Publish: ES Mountain Views News May 27, June 3,10,17,2017
FICTITIOUS BUSINESS NAME STATEMENT FILE NO. 2017126330
The following person(s) is (are) doing business as: STELLA'S BEAUTY SALON & BARBER 14522 VANOWEN ST, VAN NUYS, CA 91405. Full name of registrant(s) is (are) BLANCA E. MORALES 14522 VANOWEN ST, VAN NUYS, CA 91405. This business is conducted by: An Individual. Signed: Blanca E. Morales, Owner. This statement was filed with the County Clerk of Los Angeles County on 5/16/2017. The registrant(s) has (have) commenced to transact business under the fictitious business name or names listed above on N/A. NOTICE- This Fictitious Name Statement expires five years from the date it was filed in the office of the County Clerk. A new Fictitious Business Name Statement must be filed prior to that date. Publish: ES Mountain Views News May 27, June 3,10,17,2017
FICTITIOUS BUSINESS NAME STATEMENT FILE NO. 2017126566
The following person(s) is (are) doing business as: SILVA FOUNDATION 400 N GLENWOOD PL, APT B, BURBANK, CA 91502. Full name of registrant(s) is (are) JOSE MARTIN SILVA CORONA 400 N GLENWOOD PL, APT B, BURBANK, CA 91502. This business is conducted by: An Individual. Signed: Jose Martin Silva Corona, Owner. This statement was filed with the County Clerk of Los Angeles County on 5/16/2017. The registrant(s) has (have) commenced to transact business under the fictitious business name or names listed above on N/A. NOTICE- This Fictitious Name Statement expires five years from the date it was filed in the office of the County Clerk. A new Fictitious Business Name Statement must be filed prior to that date. Publish: ES Mountain Views News May 27, June 3,10,17,2017
FICTITIOUS BUSINESS NAME STATEMENT FILE NO. 2017125416
The following person(s) is (are) doing business as: NOA'S TREE ONLY 12091 SAN FERNANDO RD, #C, SYLMAR, CA 91342. Full name of registrant(s) is (are) MARIA MOLINA 12091 SAN FERNANDO RD, #C, SYLMAR, CA 91342. This business is conducted by: An Individual. Signed: Maria Molina, Owner. This statement was filed with the County Clerk of Los Angeles County on 5/16/2017. The registrant(s) has (have) commenced to transact business under the fictitious business name or names listed above on N/A. NOTICE- This Fictitious Name Statement expires five years from the date it was filed in the office of the County Clerk. A new Fictitious Business Name Statement must be filed prior to that date. Publish: ES Mountain Views News May 27, June 3,10,17,2017
FICTITIOUS BUSINESS NAME STATEMENT FILE NO. 2017124915
The following person(s) is (are) doing business as: CAFE PAUL 14609 VICTORY BLVD, #232, VAN NUYS, CA 91411. Full name of registrant(s) is (are) PABLO PRIOLLO 14609 VICTORY BLVD, #232, VAN NUYS, CA 91411. This business is conducted by: An Individual. Signed: Pablo Priollo, Owner. This statement was filed with the County Clerk of Los Angeles County on 5/16/2017. The registrant(s) has (have) commenced to transact business under the fictitious business name or names listed above on N/A. Publish: ES Mountain Views News May 27, June 3,10,17,2017
FICTITIOUS BUSINESS NAME STATEMENT FILE NO. 2017126835
The following person(s) is (are) doing business as: ROPA DE MAYOREO 15609 VICTORY BLVD, #232, VAN NUYS, CA 91406. Full name of registrant(s) is (are) PABLO POZZUOLI 15609 VICTORY BLVD, #232, VAN NUYS, CA 91406. This business is conducted by: An Individual. Signed: Pablo Pozzuoli, Owner. This statement was filed with the County Clerk of Los Angeles County on 5/17/2017. The registrant(s) has (have) commenced to transact business under the fictitious business name or names listed above on N/A. Publish: ES Mountain Views News May 27, June 3,10,17,2017
Publish: ES Mountain Views News May 27, June 3,10,17,2017
FICTITIOUS BUSINESS NAME STATEMENT FILE NO. 2017125938
The following person(s) is (are) doing business as: 1ST FINANCIAL ASSOCIATES, LLC, 625 HAUSER BLVD, #210, LOS ANGELES, CA 90036. Full name of registrant(s) is (are) 1ST FINANCIAL ASSOCIATES, LLC, 625 HAUSER BLVD, #210, LOS ANGELES, CA 90036. This business is conducted by: A Limited Liability Company. Signed: 1st Financial Associates, LLC - Michael D. Gramell, Member. This statement was filed with the County Clerk of Los Angeles County on 5/16/2017. The registrant(s) has (have) commenced to transact business under the fictitious business name or names listed above on N/A. NOTICE- This Fictitious Name Statement expires five years from the date it was filed in the office of the County Clerk. Publish: ES Mountain Views News May 27, June 3,10,17,2017
FICTITIOUS BUSINESS NAME STATEMENT FILE NO. 2017125912
The following person(s) is (are) doing business as: CROWN DRUG 657 EAST UNIVERSITY DR, CARSON, CA 90746. Full name of registrant(s) is (are) MADELEINE LORD 1049 PARK LANE DR, LOS ANGELES, CA 90049. This business is conducted by: An Individual. Signed: Madeleine Lord, Owner. This statement was filed with the County Clerk of Los Angeles County on 5/16/2017. The registrant(s) has (have) commenced to transact business under the fictitious business name or names listed above on 12/31/1993. NOTICE- This Fictitious Name Statement expires five years from the date it was filed in the office of the County Clerk. Publish: ES Mountain Views News May 27, June 3,10,17,2017
FICTITIOUS BUSINESS NAME STATEMENT FILE NO. 2017126312
The following person(s) is (are) doing business as: SPARKLING DICON 730 W. DORAN ST, #210, GLENDALE, CA 91203. Full name of registrant(s) is (are) EMZ CLEANING, LLC 730 W. DORAN ST, #210, GLENDALE, CA 91203. This business is conducted by: A Limited Liability Company. Signed: EMZ CLEANING, LLC - Edgar Minasyan, CEO. This statement was filed with the County Clerk of Los Angeles County on 5/16/2017. The registrant(s) has (have) commenced to transact business under the fictitious business name or names listed above on 05/2017. NOTICE- This Fictitious Name Statement expires five years from the date it was filed in the office of the County Clerk. Publish: ES Mountain Views News May 27, June 3,10,17,2017
FICTITIOUS BUSINESS NAME STATEMENT FILE NO. 2017126066
The following person(s) is (are) doing business as: TOP TALENT RECRUITING 1860 N. FULLER AVE, #211, LOS ANGELES, CA 90046. Full name of registrant(s) is (are) DONALD ESCOBAR 1860 N. FULLER AVE, #211, LOS ANGELES, CA 90046. This business is conducted by: A General Partnership. Signed: Donald Escobar, Partner. This statement was filed with the County Clerk of Los Angeles County on 5/16/2017. The registrant(s) has (have) commenced to transact business under the fictitious business name or names listed above on N/A. NOTICE- This Fictitious Name Statement expires five years from the date it was filed in the office of the County Clerk. Publish: ES Mountain Views News May 27, June 3,10,17,2017
FICTITIOUS BUSINESS NAME STATEMENT FILE NO. 2017127567
The following person(s) is (are) doing business as: UNITED STATES GARDENING & LANDSCAPING SERVICES 2217 GAULT ST, PALM PARK, CA 91303. Full name of registrant(s) is (are) LORENZO A. GAMEZ ORELLANA 2217 GAULT ST #1 CANOGA PARK, CA 91303. This business is conducted by: An Individual. Signed: Lorenzo A. Gamez Orellana, Owner. This statement was filed with the County Clerk of Los Angeles County on 5/18/2017. Publish: ES Mountain Views News May 27, June 3,10,17,2017
FICTITIOUS BUSINESS NAME STATEMENT FILE NO. 2017127671
The following person(s) is (are) doing business as: ADAM'S PLUMBING AND HEATING 13007 BLYTHE WY, LOS ANGELES, CA 90061. Full name of registrant(s) is (are) JOSE A. ALVARADO 13007 BLYTHE WY, LOS ANGELES, CA 90061. This business is conducted by: An Individual. Signed: Jose A. Alvarado, Owner. This statement was filed with the County Clerk of Los Angeles County on 5/18/2017. Publish: ES Mountain Views News May 27, June 3,10,17,2017
FICTITIOUS BUSINESS NAME STATEMENT FILE NO. 2017127799
The following person(s) is (are) doing business as: NAUTICA'S ORGANIC CLEANING SERVICES 27311 CAMP PLENTY RD, #26, CANYON COUNTRY, CA 91351. Full name of registrant(s) is (are) ROLANDO C. LEMUS 27311 CAMP PLENTY RD, #26, CANYON COUNTRY, CA 91351. This business is conducted by: An Individual. Signed: Rolando C. Lemus, Owner. This statement was filed with the County Clerk of Los Angeles County on 5/17/2017. Publish: ES Mountain Views News May 27, June 3,10,17,2017
FICTITIOUS BUSINESS NAME STATEMENT FILE NO. 2017128089
The following person(s) is (are) doing business as: BEACH CLEANING 14329 HATTERAS ST, SHERMAN OAKS, CA 91401. Full name of registrant(s) is (are) NAREK ZALYAN 14329 HATTERAS ST, SHERMAN OAKS, CA 91401. This business is conducted by: An Individual. Signed: Narek Zalyan, Owner. This statement was filed with the County Clerk of Los Angeles County on 5/18/2017. Publish: ES Mountain Views News May 27, June 3,10,17,2017
FICTITIOUS BUSINESS NAME STATEMENT FILE NO. 2017128309
The following person(s) is (are) doing business as: JOSE LUIS MENDOZA LANDSCAPING 13733 OXNARD ST #13, VAN NUYS, CA 91401. Full name of registrant(s) is (are) JOSE LUIS MENDOZA GARCIA 13733 OXNARD ST #13, VAN NUYS, CA 91401. This business is conducted by: An Individual. Signed: Jose Luis Mendoza Garcia, Owner. This statement was filed with the County Clerk of Los Angeles County on 5/18/2017. Publish: ES Mountain Views News May 27, June 3,10,17,2017
FICTITIOUS BUSINESS NAME STATEMENT FILE NO. 2017130079
The following person(s) is (are) doing business as: APAGON DEL VALLEY VILLAGE, CA 91607. Full name of registrant(s) is (are) JOHNNY APAGON 12310 BURBANK BLVD, VALLEY VILLAGE, CA 91607. This business is conducted by: An Individual. Signed: Johnny Apagon, Owner. This statement was filed with the County Clerk of Los Angeles County on 5/19/2017. The registrant(s) has (have) commenced to transact business under the fictitious business name or names listed above on 05/2017. NOTICE- This Fictitious Name Statement expires five years from the date it was filed in the office of the County Clerk. Publish: ES Mountain Views News May 27, June 3,10,17,2017
Mountain Views News
80 W Sierra Madre Blvd. No. 327 Sierra Madre, Ca. 91024 Office: 626.355.2737 Fax: 626.609.3285
Email: editor@mtnviewsnews.com
Website: www.mtnviewsnews.com
